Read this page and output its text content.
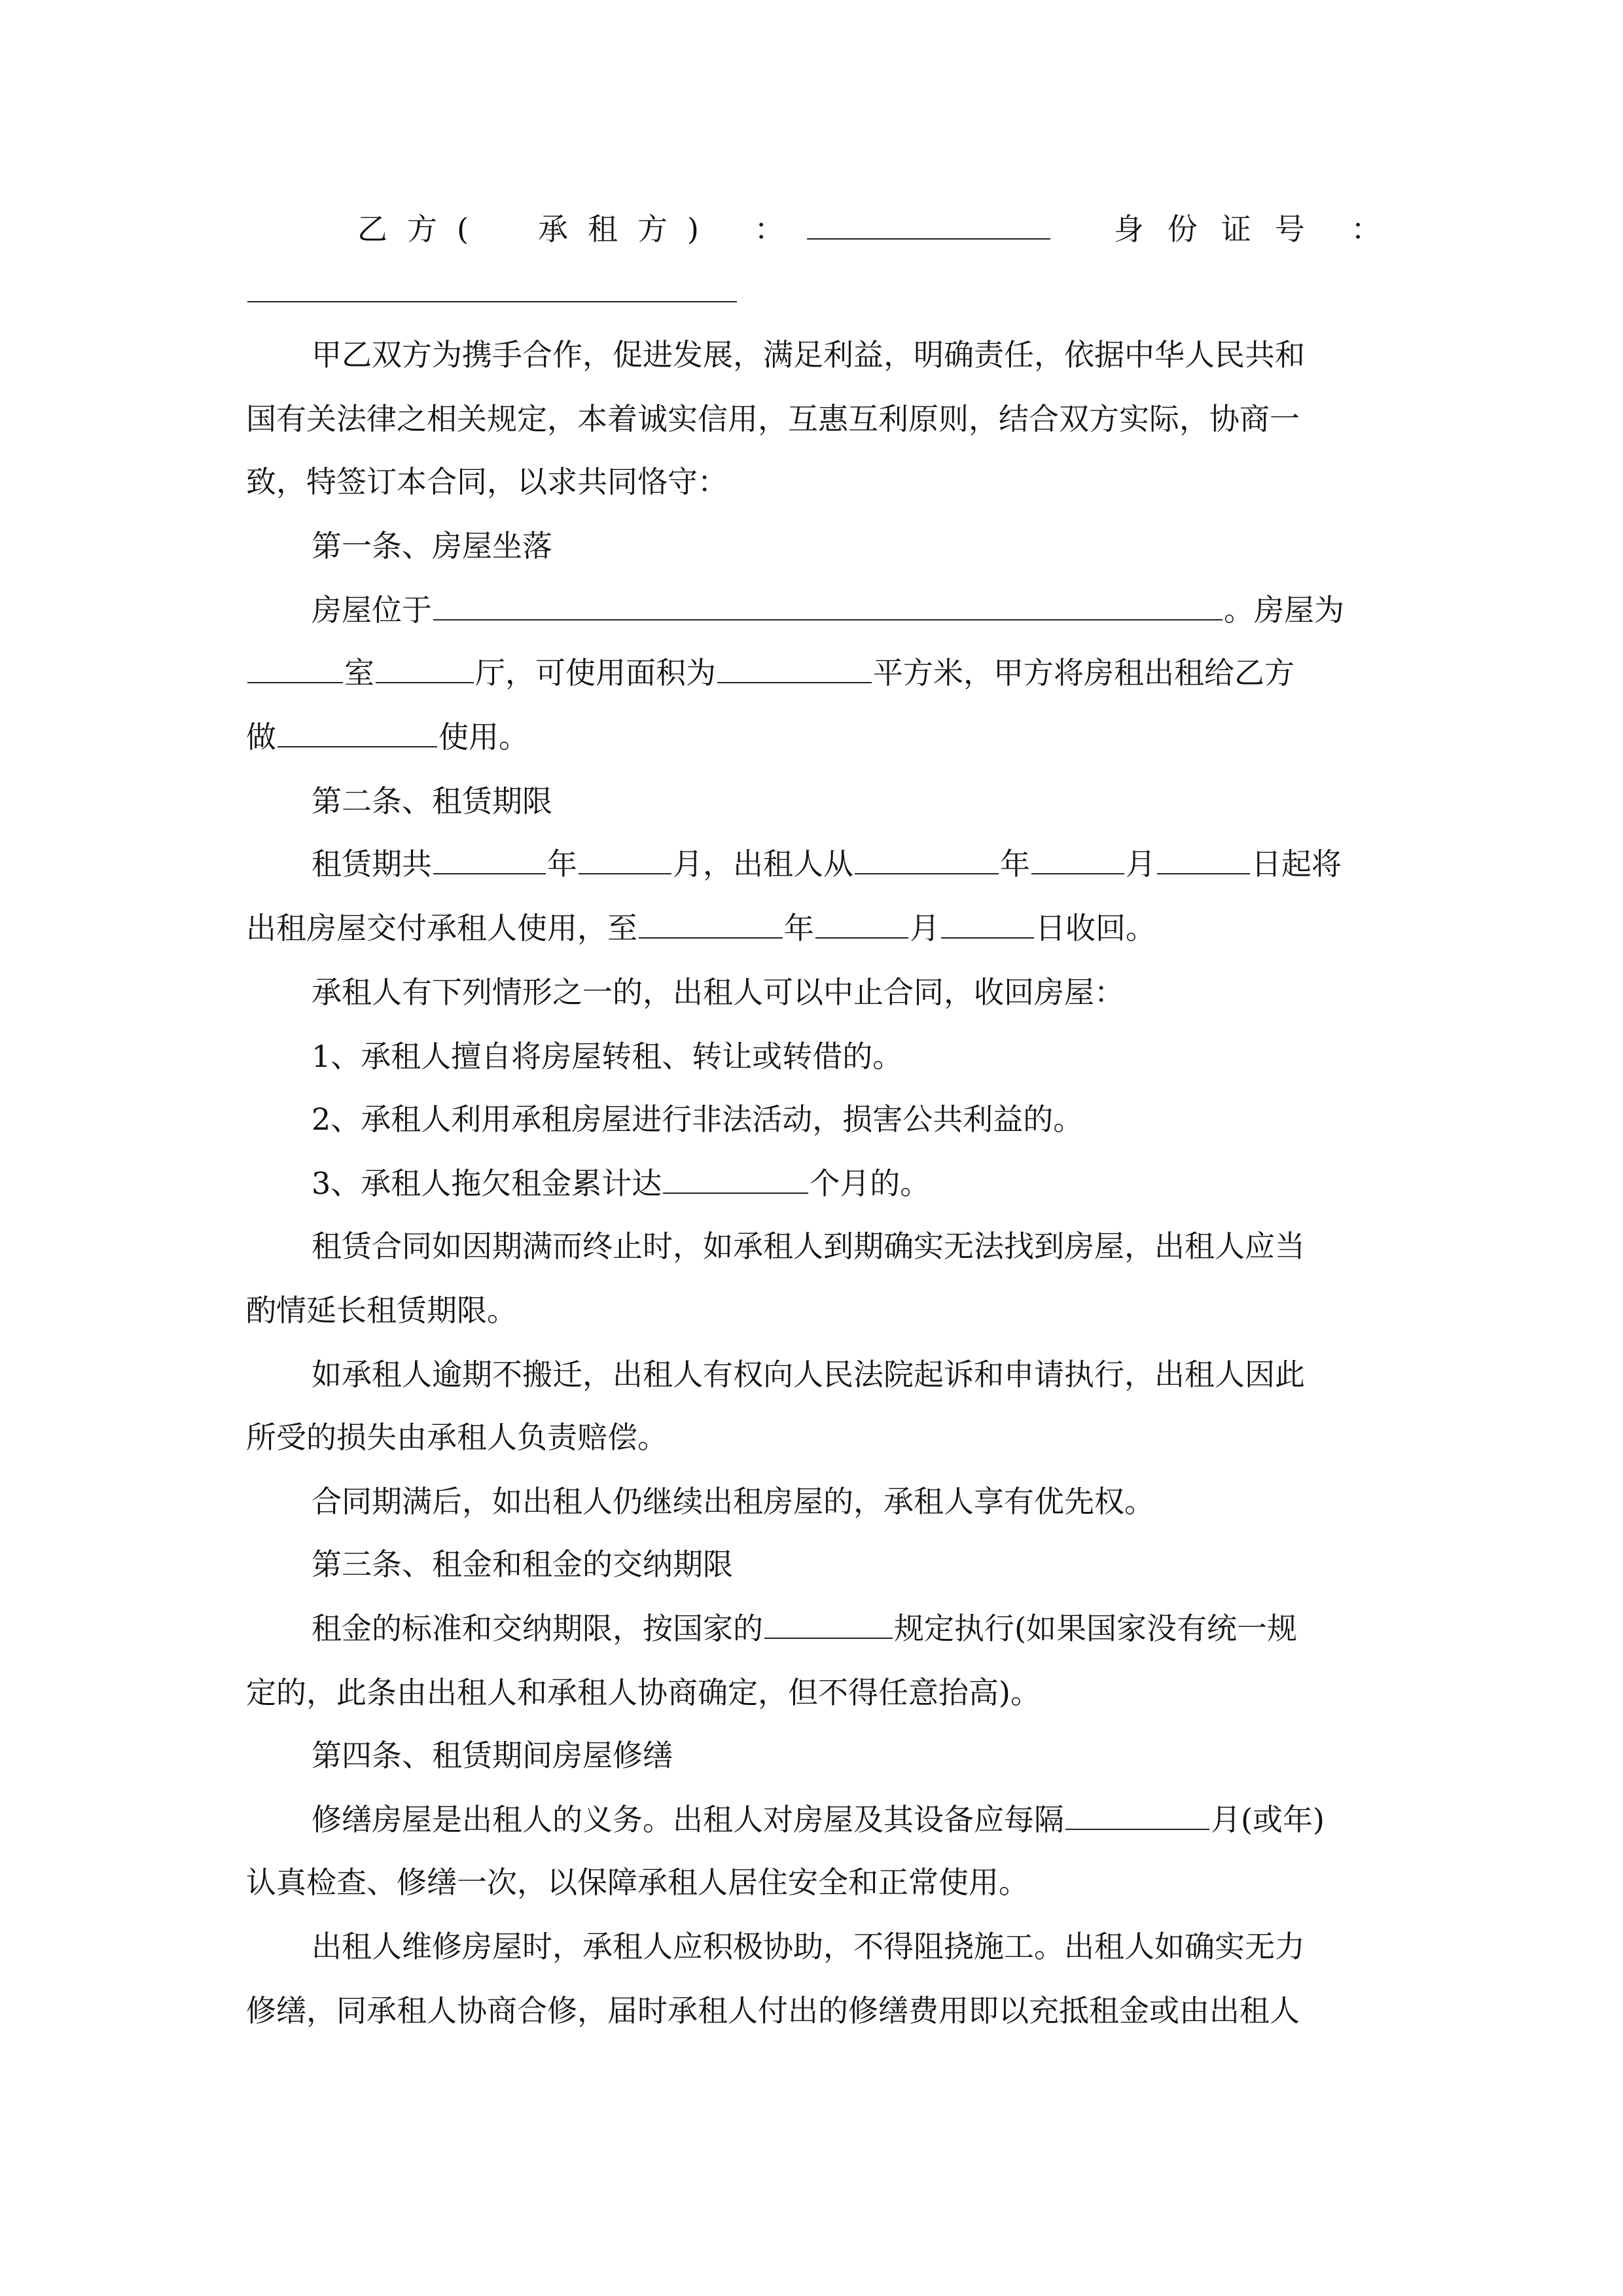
乙方(　承租方) ：	身份证号 ：
甲乙双方为携手合作，促进发展，满足利益，明确责任，依据中华人民共和
国有关法律之相关规定，本着诚实信用，互惠互利原则，结合双方实际，协商一
致，特签订本合同，以求共同恪守：
第一条、房屋坐落
房屋位于	。房屋为
室	厅，可使用面积为	平方米，甲方将房租出租给乙方
做	使用。
第二条、租赁期限
租赁期共	年	月，出租人从	年	月	日起将
出租房屋交付承租人使用，至	年	月	日收回。
承租人有下列情形之一的，出租人可以中止合同，收回房屋：
1、承租人擅自将房屋转租、转让或转借的。
2、承租人利用承租房屋进行非法活动，损害公共利益的。
3、承租人拖欠租金累计达	个月的。
租赁合同如因期满而终止时，如承租人到期确实无法找到房屋，出租人应当
酌情延长租赁期限。
如承租人逾期不搬迁，出租人有权向人民法院起诉和申请执行，出租人因此
所受的损失由承租人负责赔偿。
合同期满后，如出租人仍继续出租房屋的，承租人享有优先权。
第三条、租金和租金的交纳期限
租金的标准和交纳期限，按国家的	规定执行(如果国家没有统一规
定的，此条由出租人和承租人协商确定，但不得任意抬高)。
第四条、租赁期间房屋修缮
修缮房屋是出租人的义务。出租人对房屋及其设备应每隔	月(或年)
认真检查、修缮一次，以保障承租人居住安全和正常使用。
出租人维修房屋时，承租人应积极协助，不得阻挠施工。出租人如确实无力
修缮，同承租人协商合修，届时承租人付出的修缮费用即以充抵租金或由出租人
